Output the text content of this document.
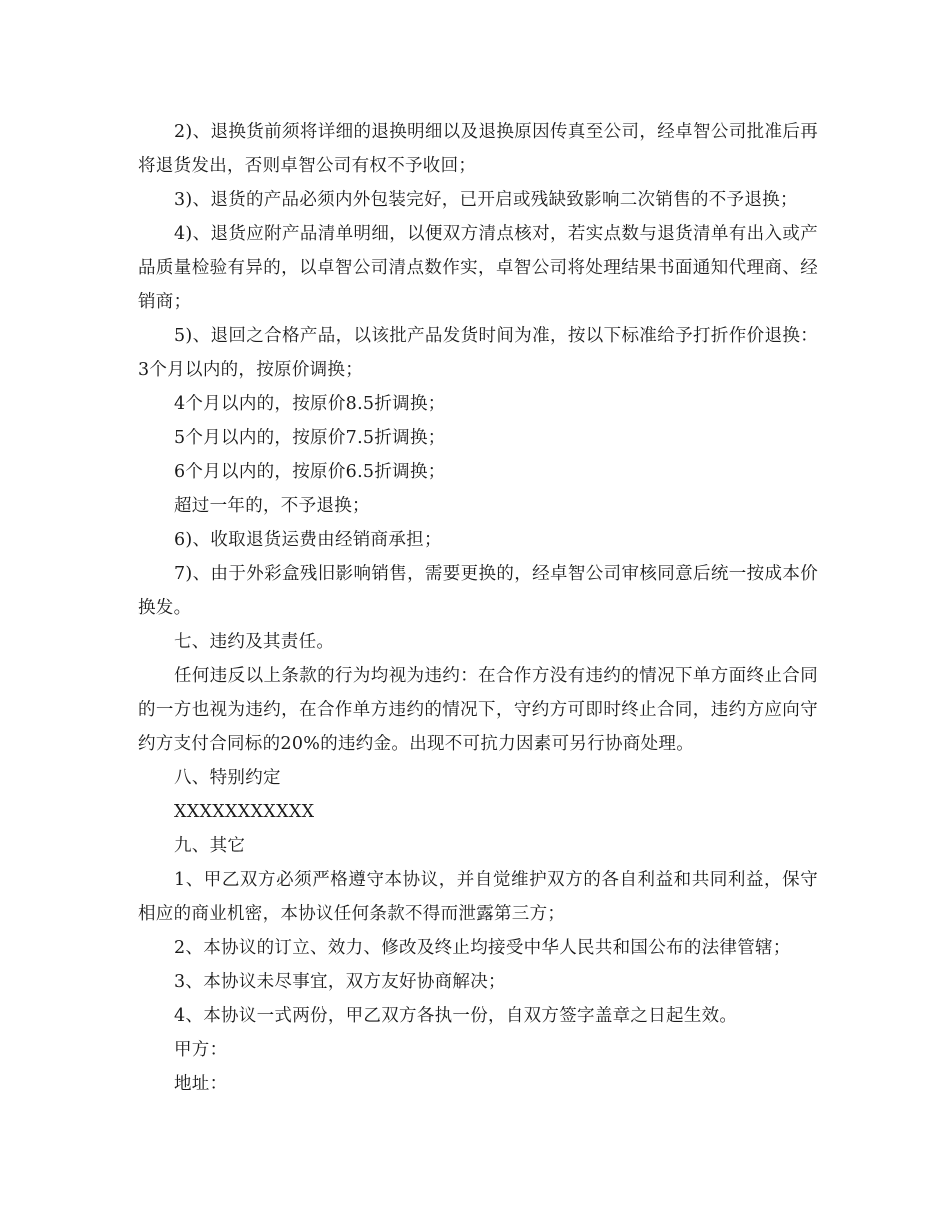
2)、退换货前须将详细的退换明细以及退换原因传真至公司，经卓智公司批准后再将退货发出，否则卓智公司有权不予收回；

3)、退货的产品必须内外包装完好，已开启或残缺致影响二次销售的不予退换；

4)、退货应附产品清单明细，以便双方清点核对，若实点数与退货清单有出入或产品质量检验有异的，以卓智公司清点数作实，卓智公司将处理结果书面通知代理商、经销商；

5)、退回之合格产品，以该批产品发货时间为准，按以下标准给予打折作价退换： 3个月以内的，按原价调换；

4个月以内的，按原价8.5折调换；

5个月以内的，按原价7.5折调换；

6个月以内的，按原价6.5折调换；

超过一年的，不予退换；

6)、收取退货运费由经销商承担；

7)、由于外彩盒残旧影响销售，需要更换的，经卓智公司审核同意后统一按成本价换发。

七、违约及其责任。

任何违反以上条款的行为均视为违约：在合作方没有违约的情况下单方面终止合同的一方也视为违约，在合作单方违约的情况下，守约方可即时终止合同，违约方应向守约方支付合同标的20%的违约金。出现不可抗力因素可另行协商处理。

八、特别约定

XXXXXXXXXXX

九、其它

1、甲乙双方必须严格遵守本协议，并自觉维护双方的各自利益和共同利益，保守相应的商业机密，本协议任何条款不得而泄露第三方；

2、本协议的订立、效力、修改及终止均接受中华人民共和国公布的法律管辖；

3、本协议未尽事宜，双方友好协商解决；

4、本协议一式两份，甲乙双方各执一份，自双方签字盖章之日起生效。

甲方：

地址：
